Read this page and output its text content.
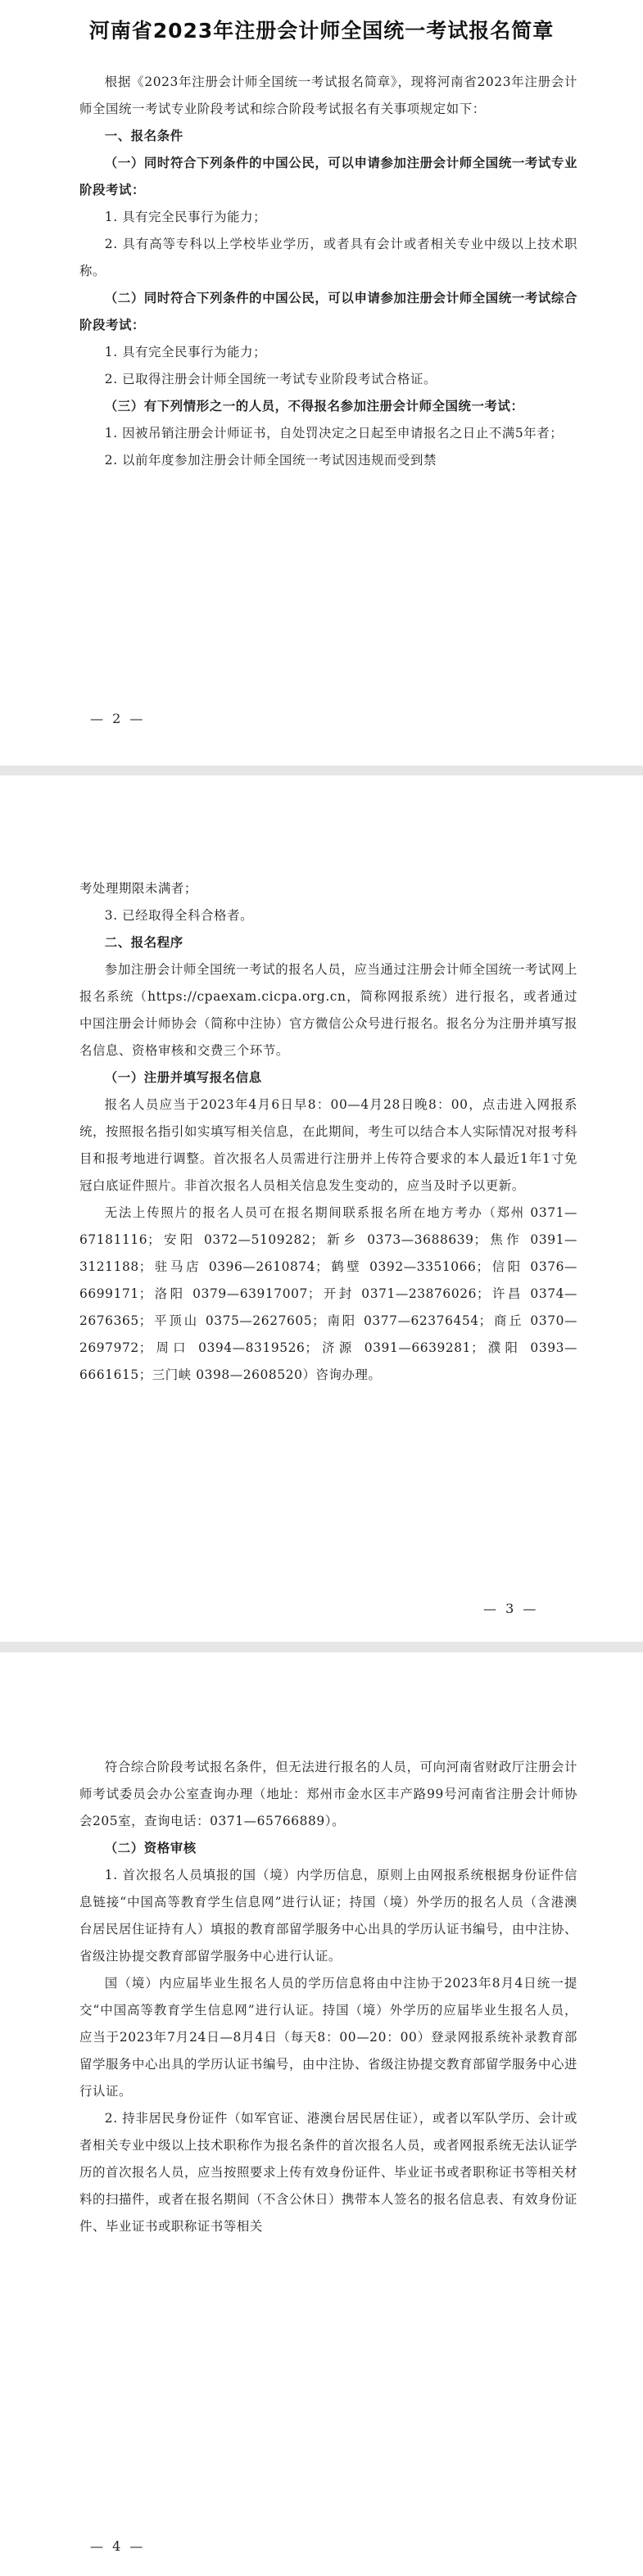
河南省2023年注册会计师全国统一考试报名简章

根据《2023年注册会计师全国统一考试报名简章》，现将河南省2023年注册会计师全国统一考试专业阶段考试和综合阶段考试报名有关事项规定如下：

一、报名条件

（一）同时符合下列条件的中国公民，可以申请参加注册会计师全国统一考试专业阶段考试：

1. 具有完全民事行为能力；

2. 具有高等专科以上学校毕业学历，或者具有会计或者相关专业中级以上技术职称。

（二）同时符合下列条件的中国公民，可以申请参加注册会计师全国统一考试综合阶段考试：

1. 具有完全民事行为能力；

2. 已取得注册会计师全国统一考试专业阶段考试合格证。

（三）有下列情形之一的人员，不得报名参加注册会计师全国统一考试：

1. 因被吊销注册会计师证书，自处罚决定之日起至申请报名之日止不满5年者；

2. 以前年度参加注册会计师全国统一考试因违规而受到禁

— 2 —

考处理期限未满者；

3. 已经取得全科合格者。

二、报名程序

参加注册会计师全国统一考试的报名人员，应当通过注册会计师全国统一考试网上报名系统（https://cpaexam.cicpa.org.cn，简称网报系统）进行报名，或者通过中国注册会计师协会（简称中注协）官方微信公众号进行报名。报名分为注册并填写报名信息、资格审核和交费三个环节。

（一）注册并填写报名信息

报名人员应当于2023年4月6日早8：00—4月28日晚8：00，点击进入网报系统，按照报名指引如实填写相关信息，在此期间，考生可以结合本人实际情况对报考科目和报考地进行调整。首次报名人员需进行注册并上传符合要求的本人最近1年1寸免冠白底证件照片。非首次报名人员相关信息发生变动的，应当及时予以更新。

无法上传照片的报名人员可在报名期间联系报名所在地方考办（郑州 0371—67181116；安阳 0372—5109282；新乡 0373—3688639；焦作 0391—3121188；驻马店 0396—2610874；鹤壁 0392—3351066；信阳 0376—6699171；洛阳 0379—63917007；开封 0371—23876026；许昌 0374—2676365；平顶山 0375—2627605；南阳 0377—62376454；商丘 0370—2697972；周口 0394—8319526；济源 0391—6639281；濮阳 0393—6661615；三门峡 0398—2608520）咨询办理。

— 3 —

符合综合阶段考试报名条件，但无法进行报名的人员，可向河南省财政厅注册会计师考试委员会办公室查询办理（地址：郑州市金水区丰产路99号河南省注册会计师协会205室，查询电话：0371—65766889）。

（二）资格审核

1. 首次报名人员填报的国（境）内学历信息，原则上由网报系统根据身份证件信息链接“中国高等教育学生信息网”进行认证；持国（境）外学历的报名人员（含港澳台居民居住证持有人）填报的教育部留学服务中心出具的学历认证书编号，由中注协、省级注协提交教育部留学服务中心进行认证。

国（境）内应届毕业生报名人员的学历信息将由中注协于2023年8月4日统一提交“中国高等教育学生信息网”进行认证。持国（境）外学历的应届毕业生报名人员，应当于2023年7月24日—8月4日（每天8：00—20：00）登录网报系统补录教育部留学服务中心出具的学历认证书编号，由中注协、省级注协提交教育部留学服务中心进行认证。

2. 持非居民身份证件（如军官证、港澳台居民居住证），或者以军队学历、会计或者相关专业中级以上技术职称作为报名条件的首次报名人员，或者网报系统无法认证学历的首次报名人员，应当按照要求上传有效身份证件、毕业证书或者职称证书等相关材料的扫描件，或者在报名期间（不含公休日）携带本人签名的报名信息表、有效身份证件、毕业证书或职称证书等相关

— 4 —
